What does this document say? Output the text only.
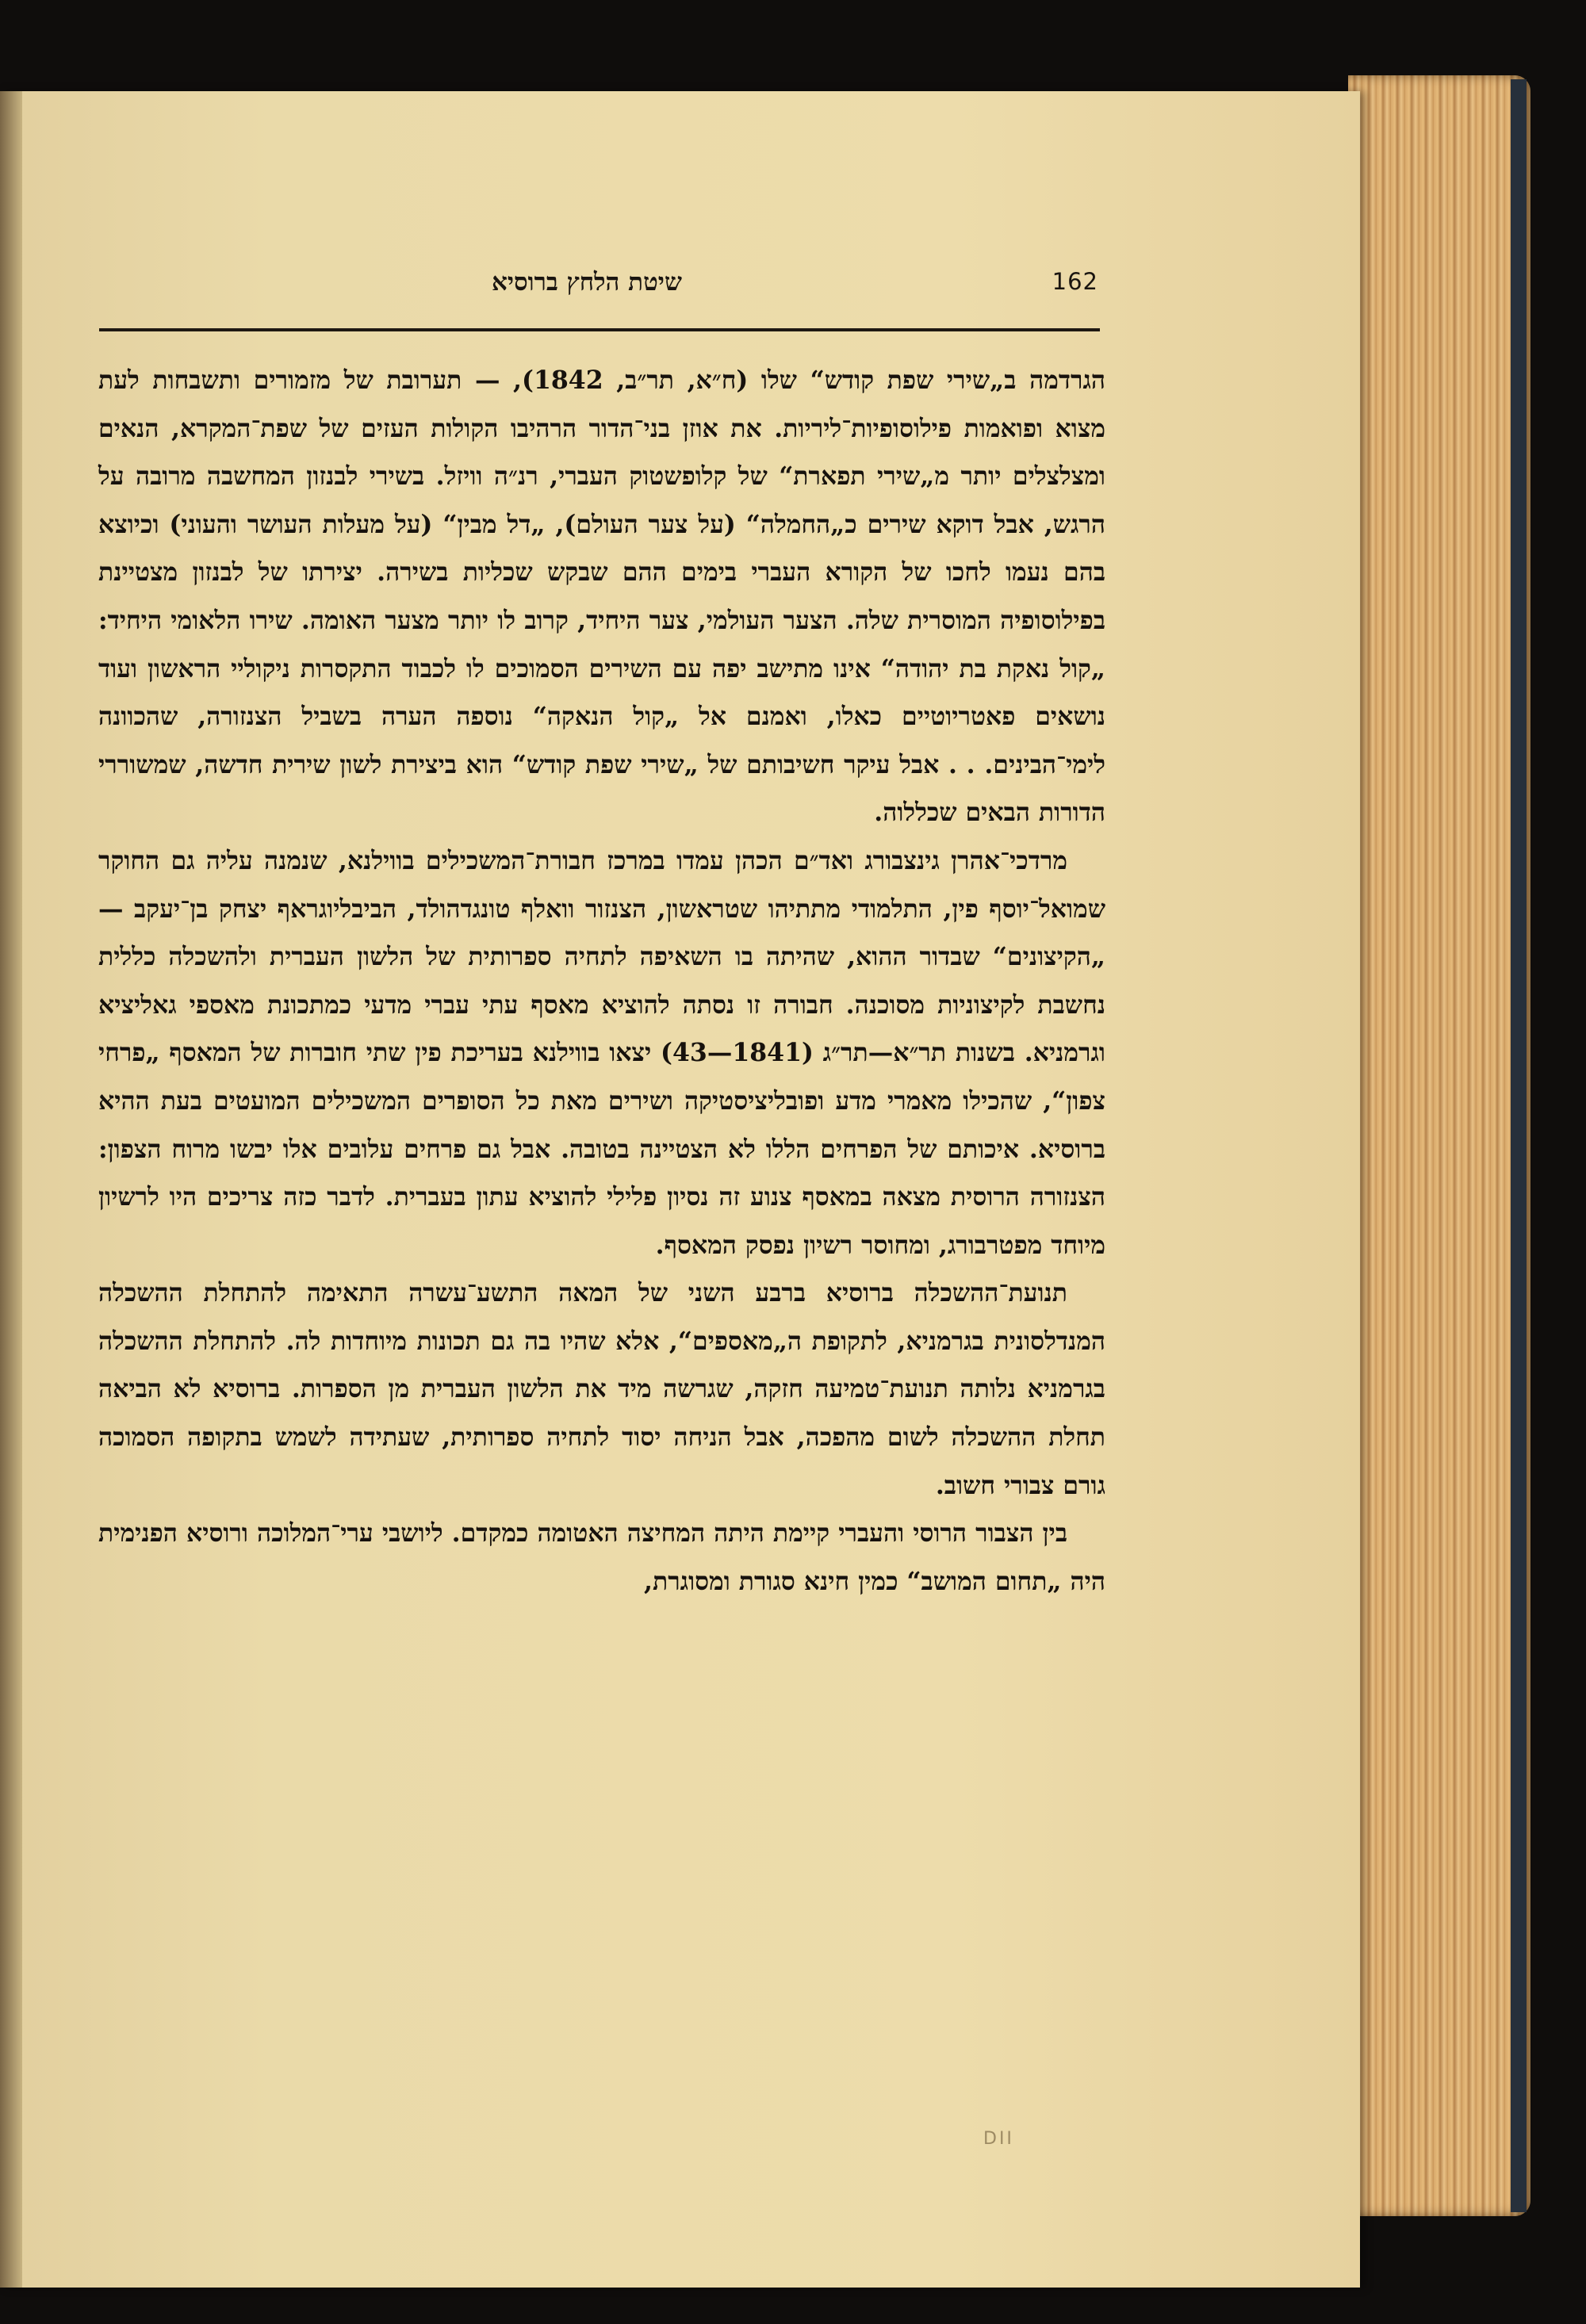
שיטת הלחץ ברוסיא	162

הגרדמה ב„שירי שפת קודש“ שלו (ח״א, תר״ב, 1842), — תערובת של מזמורים ותשבחות לעת מצוא ופואמות פילוסופיות־ליריות. את אוזן בני־הדור הרהיבו הקולות העזים של שפת־המקרא, הנאים ומצלצלים יותר מ„שירי תפארת“ של קלופשטוק העברי, רנ״ה וויזל. בשירי לבנזון המחשבה מרובה על הרגש, אבל דוקא שירים כ„החמלה“ (על צער העולם), „דל מבין“ (על מעלות העושר והעוני) וכיוצא בהם נעמו לחכו של הקורא העברי בימים ההם שבקש שכליות בשירה. יצירתו של לבנזון מצטיינת בפילוסופיה המוסרית שלה. הצער העולמי, צער היחיד, קרוב לו יותר מצער האומה. שירו הלאומי היחיד: „קול נאקת בת יהודה“ אינו מתישב יפה עם השירים הסמוכים לו לכבוד התקסרות ניקוליי הראשון ועוד נושאים פאטריוטיים כאלו, ואמנם אל „קול הנאקה“ נוספה הערה בשביל הצנזורה, שהכוונה לימי־הבינים. . . אבל עיקר חשיבותם של „שירי שפת קודש“ הוא ביצירת לשון שירית חדשה, שמשוררי הדורות הבאים שכללוה.

מרדכי־אהרן גינצבורג ואד״ם הכהן עמדו במרכז חבורת־המשכילים בווילנא, שנמנה עליה גם החוקר שמואל־יוסף פין, התלמודי מתתיהו שטראשון, הצנזור וואלף טונגדהולד, הביבליוגראף יצחק בן־יעקב — „הקיצונים“ שבדור ההוא, שהיתה בו השאיפה לתחיה ספרותית של הלשון העברית ולהשכלה כללית נחשבת לקיצוניות מסוכנה. חבורה זו נסתה להוציא מאסף עתי עברי מדעי כמתכונת מאספי גאליציא וגרמניא. בשנות תר״א—תר״ג (1841—43) יצאו בווילנא בעריכת פין שתי חוברות של המאסף „פרחי צפון“, שהכילו מאמרי מדע ופובליציסטיקה ושירים מאת כל הסופרים המשכילים המועטים בעת ההיא ברוסיא. איכותם של הפרחים הללו לא הצטיינה בטובה. אבל גם פרחים עלובים אלו יבשו מרוח הצפון: הצנזורה הרוסית מצאה במאסף צנוע זה נסיון פלילי להוציא עתון בעברית. לדבר כזה צריכים היו לרשיון מיוחד מפטרבורג, ומחוסר רשיון נפסק המאסף.

תנועת־ההשכלה ברוסיא ברבע השני של המאה התשע־עשרה התאימה להתחלת ההשכלה המנדלסונית בגרמניא, לתקופת ה„מאספים“, אלא שהיו בה גם תכונות מיוחדות לה. להתחלת ההשכלה בגרמניא נלותה תנועת־טמיעה חזקה, שגרשה מיד את הלשון העברית מן הספרות. ברוסיא לא הביאה תחלת ההשכלה לשום מהפכה, אבל הניחה יסוד לתחיה ספרותית, שעתידה לשמש בתקופה הסמוכה גורם צבורי חשוב.

בין הצבור הרוסי והעברי קיימת היתה המחיצה האטומה כמקדם. ליושבי ערי־המלוכה ורוסיא הפנימית היה „תחום המושב“ כמין חינא סגורת ומסוגרת,

DII
